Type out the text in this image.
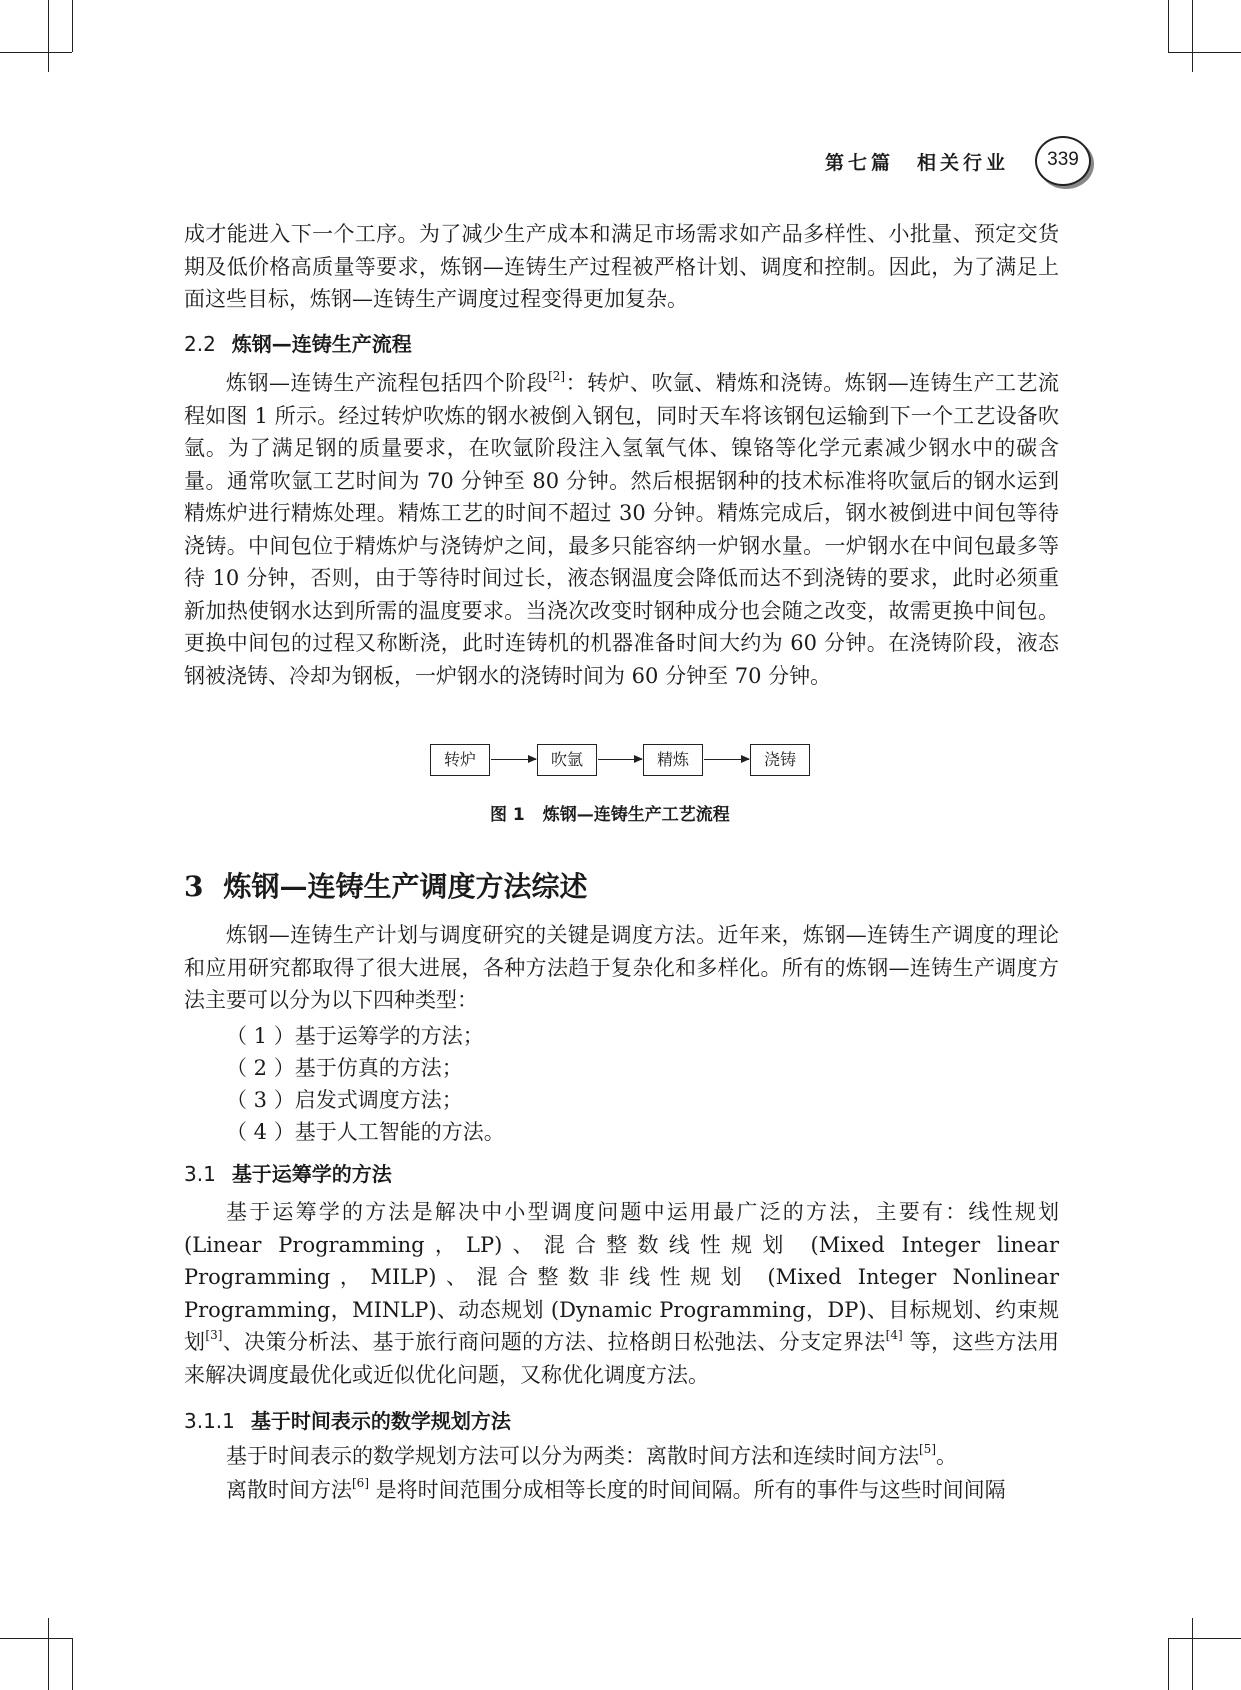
第七篇　相关行业	339
成才能进入下一个工序。为了减少生产成本和满足市场需求如产品多样性、小批量、预定交货期及低价格高质量等要求，炼钢—连铸生产过程被严格计划、调度和控制。因此，为了满足上面这些目标，炼钢—连铸生产调度过程变得更加复杂。
2.2 炼钢—连铸生产流程
炼钢—连铸生产流程包括四个阶段[2]：转炉、吹氩、精炼和浇铸。炼钢—连铸生产工艺流程如图 1 所示。经过转炉吹炼的钢水被倒入钢包，同时天车将该钢包运输到下一个工艺设备吹氩。为了满足钢的质量要求，在吹氩阶段注入氢氧气体、镍铬等化学元素减少钢水中的碳含量。通常吹氩工艺时间为 70 分钟至 80 分钟。然后根据钢种的技术标准将吹氩后的钢水运到精炼炉进行精炼处理。精炼工艺的时间不超过 30 分钟。精炼完成后，钢水被倒进中间包等待浇铸。中间包位于精炼炉与浇铸炉之间，最多只能容纳一炉钢水量。一炉钢水在中间包最多等待 10 分钟，否则，由于等待时间过长，液态钢温度会降低而达不到浇铸的要求，此时必须重新加热使钢水达到所需的温度要求。当浇次改变时钢种成分也会随之改变，故需更换中间包。更换中间包的过程又称断浇，此时连铸机的机器准备时间大约为 60 分钟。在浇铸阶段，液态钢被浇铸、冷却为钢板，一炉钢水的浇铸时间为 60 分钟至 70 分钟。
转炉	吹氩	精炼	浇铸
图 1 炼钢—连铸生产工艺流程
3 炼钢—连铸生产调度方法综述
炼钢—连铸生产计划与调度研究的关键是调度方法。近年来，炼钢—连铸生产调度的理论和应用研究都取得了很大进展，各种方法趋于复杂化和多样化。所有的炼钢—连铸生产调度方法主要可以分为以下四种类型：
（ 1 ）基于运筹学的方法；
（ 2 ）基于仿真的方法；
（ 3 ）启发式调度方法；
（ 4 ）基于人工智能的方法。
3.1 基于运筹学的方法
基于运筹学的方法是解决中小型调度问题中运用最广泛的方法，主要有：线性规划 (Linear Programming，LP)、混合整数线性规划 (Mixed Integer linear Programming，MILP)、混合整数非线性规划 (Mixed Integer Nonlinear Programming，MINLP)、动态规划 (Dynamic Programming，DP)、目标规划、约束规划[3]、决策分析法、基于旅行商问题的方法、拉格朗日松弛法、分支定界法[4] 等，这些方法用来解决调度最优化或近似优化问题，又称优化调度方法。
3.1.1 基于时间表示的数学规划方法
基于时间表示的数学规划方法可以分为两类：离散时间方法和连续时间方法[5]。
离散时间方法[6] 是将时间范围分成相等长度的时间间隔。所有的事件与这些时间间隔
